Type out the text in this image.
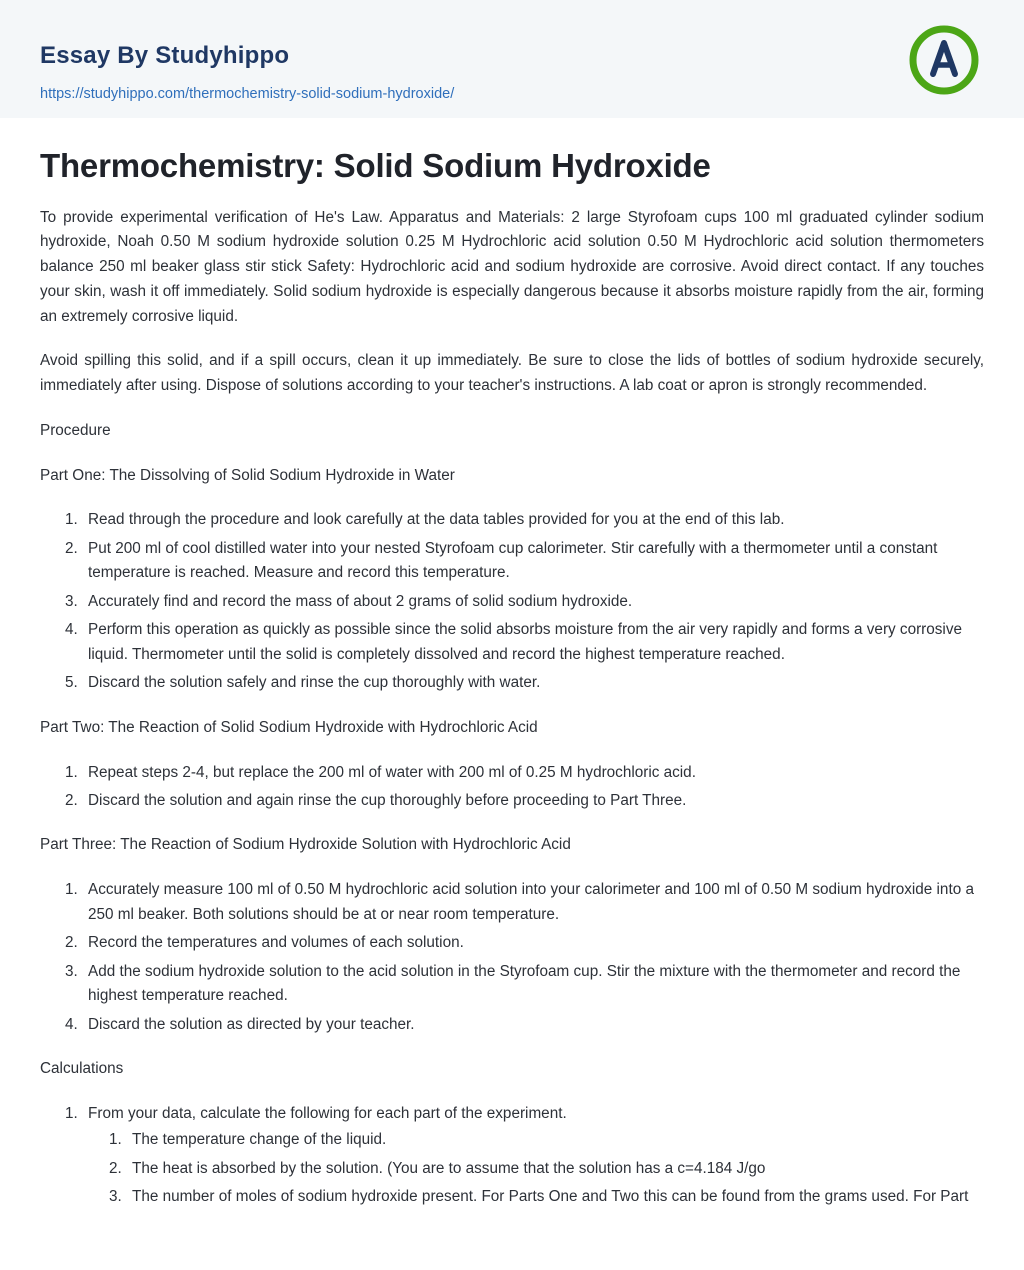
Essay By Studyhippo
https://studyhippo.com/thermochemistry-solid-sodium-hydroxide/
Thermochemistry: Solid Sodium Hydroxide

To provide experimental verification of He's Law. Apparatus and Materials: 2 large Styrofoam cups 100 ml graduated cylinder sodium hydroxide, Noah 0.50 M sodium hydroxide solution 0.25 M Hydrochloric acid solution 0.50 M Hydrochloric acid solution thermometers balance 250 ml beaker glass stir stick Safety: Hydrochloric acid and sodium hydroxide are corrosive. Avoid direct contact. If any touches your skin, wash it off immediately. Solid sodium hydroxide is especially dangerous because it absorbs moisture rapidly from the air, forming an extremely corrosive liquid.

Avoid spilling this solid, and if a spill occurs, clean it up immediately. Be sure to close the lids of bottles of sodium hydroxide securely, immediately after using. Dispose of solutions according to your teacher's instructions. A lab coat or apron is strongly recommended.

Procedure

Part One: The Dissolving of Solid Sodium Hydroxide in Water

1. Read through the procedure and look carefully at the data tables provided for you at the end of this lab.
2. Put 200 ml of cool distilled water into your nested Styrofoam cup calorimeter. Stir carefully with a thermometer until a constant temperature is reached. Measure and record this temperature.
3. Accurately find and record the mass of about 2 grams of solid sodium hydroxide.
4. Perform this operation as quickly as possible since the solid absorbs moisture from the air very rapidly and forms a very corrosive liquid. Thermometer until the solid is completely dissolved and record the highest temperature reached.
5. Discard the solution safely and rinse the cup thoroughly with water.

Part Two: The Reaction of Solid Sodium Hydroxide with Hydrochloric Acid

1. Repeat steps 2-4, but replace the 200 ml of water with 200 ml of 0.25 M hydrochloric acid.
2. Discard the solution and again rinse the cup thoroughly before proceeding to Part Three.

Part Three: The Reaction of Sodium Hydroxide Solution with Hydrochloric Acid

1. Accurately measure 100 ml of 0.50 M hydrochloric acid solution into your calorimeter and 100 ml of 0.50 M sodium hydroxide into a 250 ml beaker. Both solutions should be at or near room temperature.
2. Record the temperatures and volumes of each solution.
3. Add the sodium hydroxide solution to the acid solution in the Styrofoam cup. Stir the mixture with the thermometer and record the highest temperature reached.
4. Discard the solution as directed by your teacher.

Calculations

1. From your data, calculate the following for each part of the experiment.
1. The temperature change of the liquid.
2. The heat is absorbed by the solution. (You are to assume that the solution has a c=4.184 J/go
3. The number of moles of sodium hydroxide present. For Parts One and Two this can be found from the grams used. For Part
